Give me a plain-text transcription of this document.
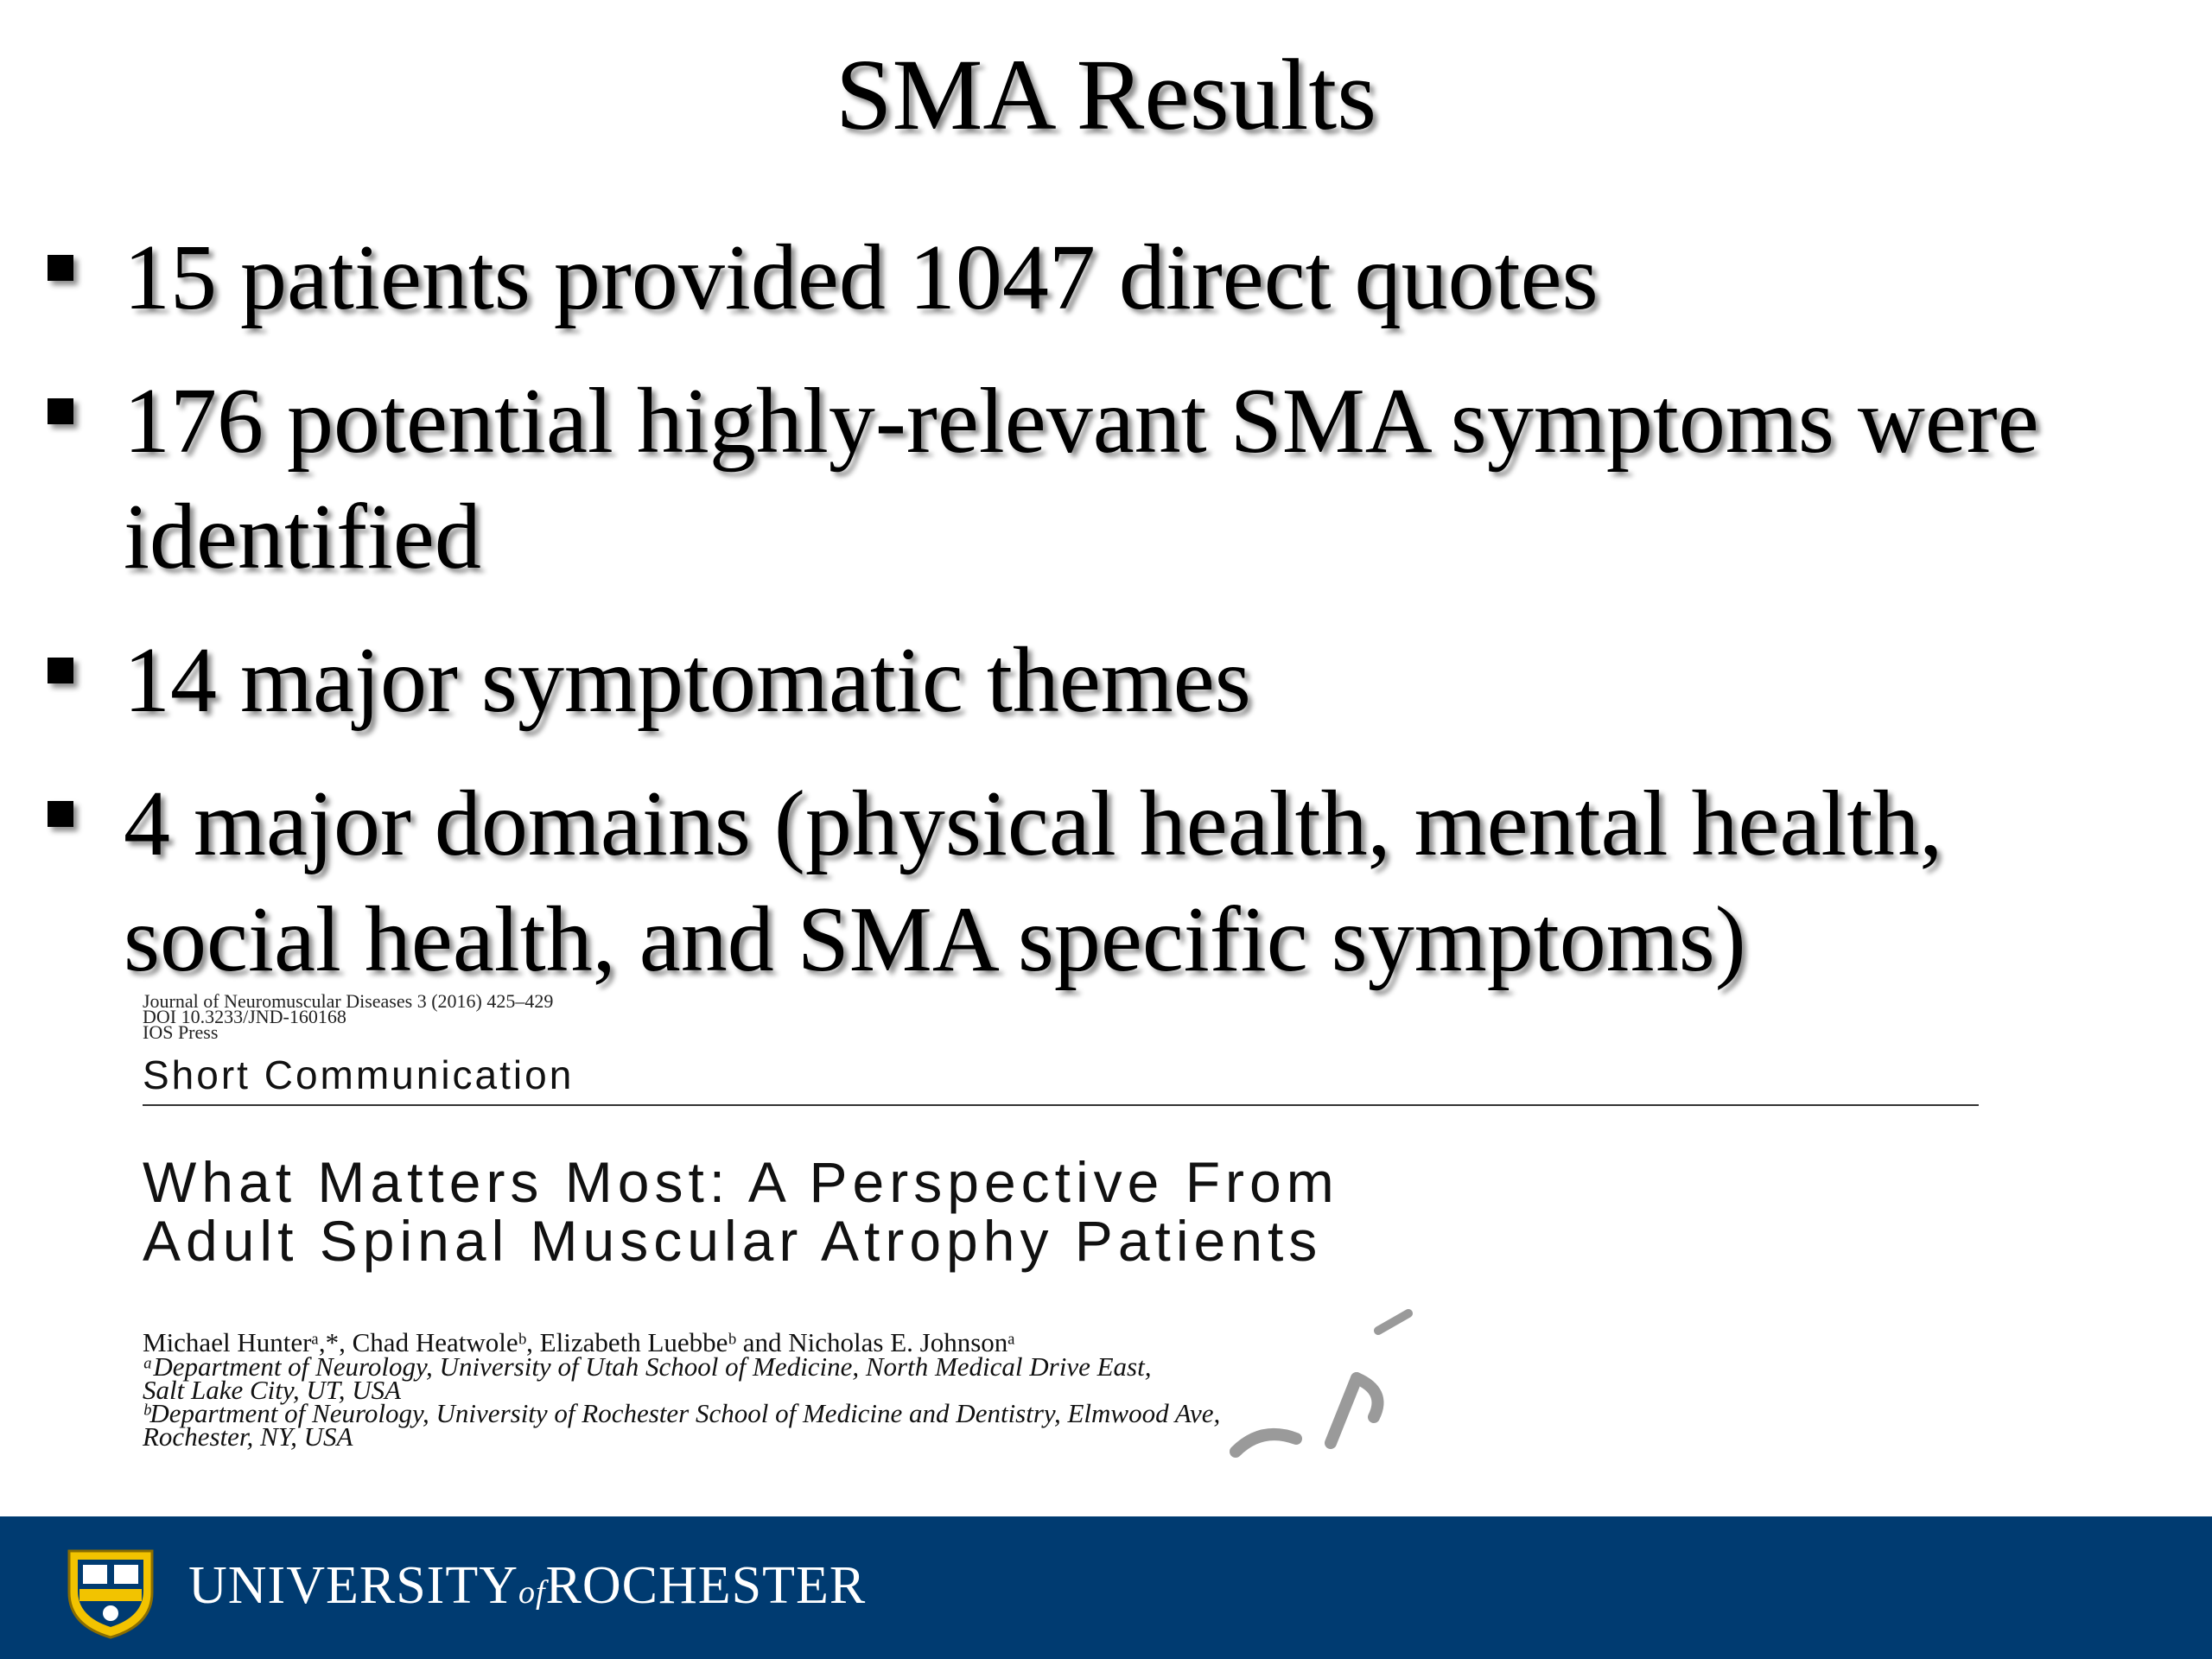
SMA Results
15 patients provided 1047 direct quotes
176 potential highly-relevant SMA symptoms were identified
14 major symptomatic themes
4 major domains (physical health, mental health, social health, and SMA specific symptoms)
Journal of Neuromuscular Diseases 3 (2016) 425–429
DOI 10.3233/JND-160168
IOS Press
Short Communication
What Matters Most: A Perspective From
Adult Spinal Muscular Atrophy Patients
Michael Hunterᵃ,*, Chad Heatwoleᵇ, Elizabeth Luebbeᵇ and Nicholas E. Johnsonᵃ
ᵃDepartment of Neurology, University of Utah School of Medicine, North Medical Drive East,
Salt Lake City, UT, USA
ᵇDepartment of Neurology, University of Rochester School of Medicine and Dentistry, Elmwood Ave,
Rochester, NY, USA
UNIVERSITYofROCHESTER
